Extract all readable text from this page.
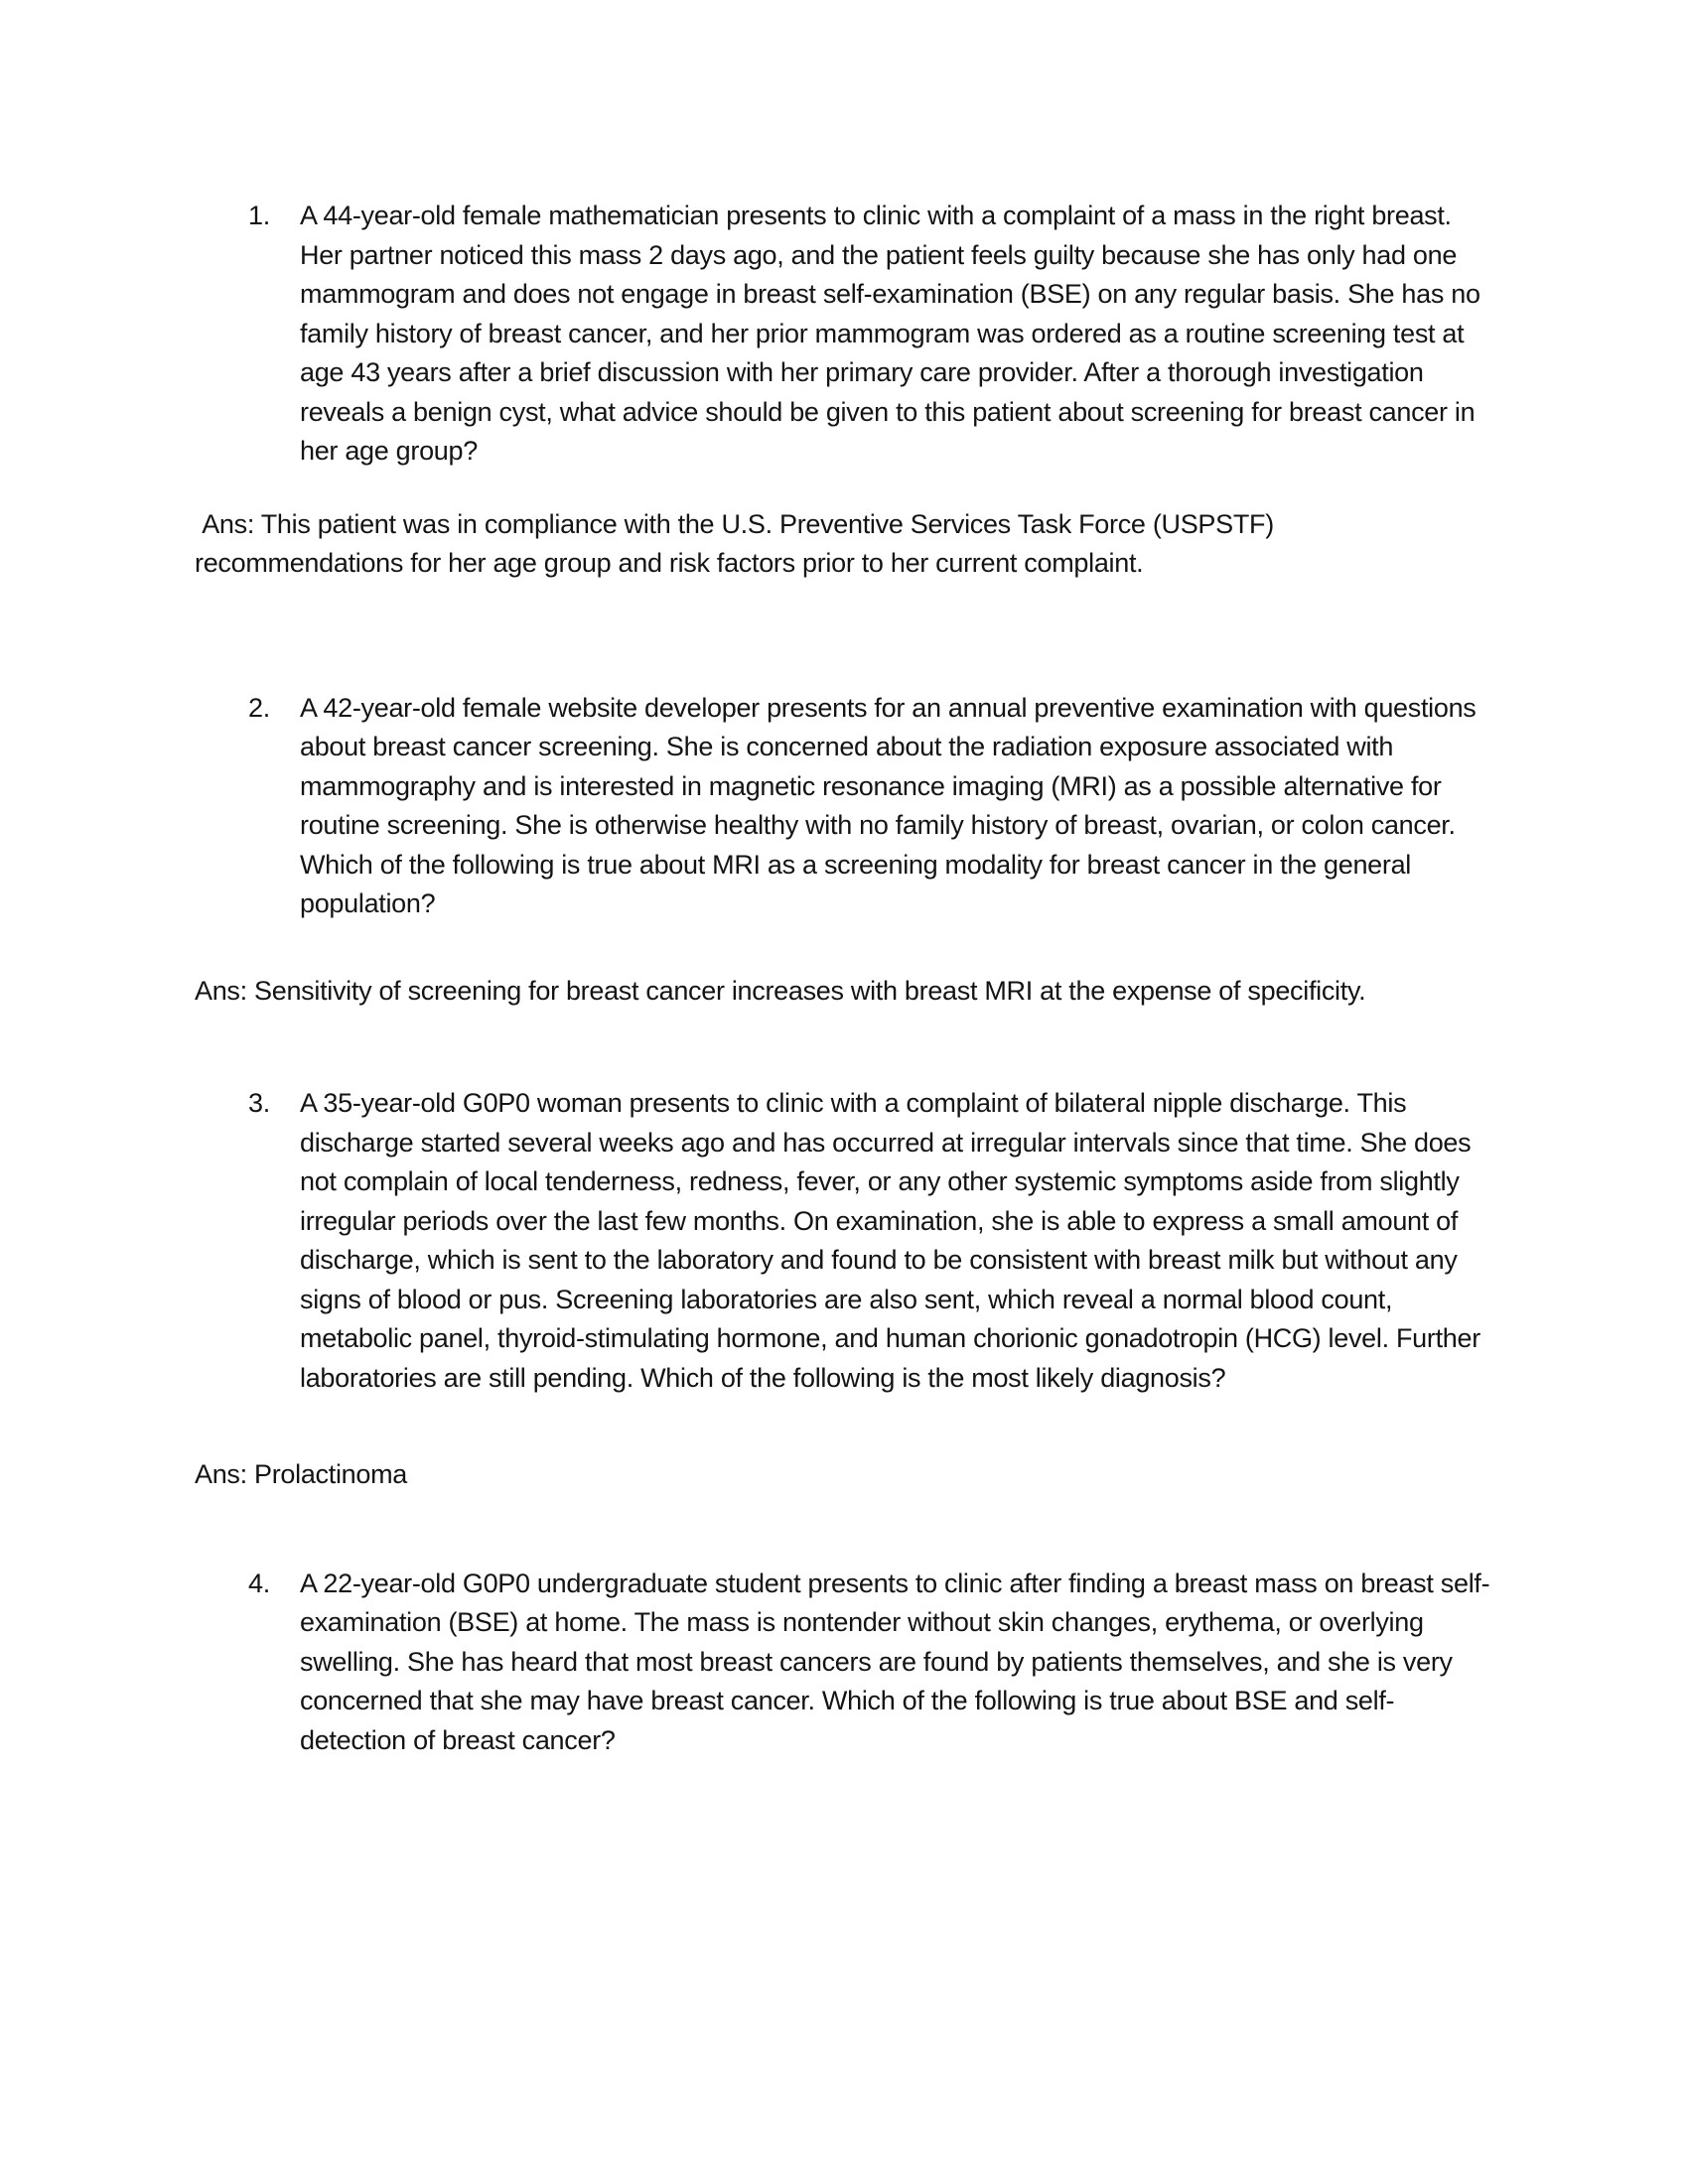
1.	A 44-year-old female mathematician presents to clinic with a complaint of a mass in the right breast. Her partner noticed this mass 2 days ago, and the patient feels guilty because she has only had one mammogram and does not engage in breast self-examination (BSE) on any regular basis. She has no family history of breast cancer, and her prior mammogram was ordered as a routine screening test at age 43 years after a brief discussion with her primary care provider. After a thorough investigation reveals a benign cyst, what advice should be given to this patient about screening for breast cancer in her age group?

Ans: This patient was in compliance with the U.S. Preventive Services Task Force (USPSTF) recommendations for her age group and risk factors prior to her current complaint.

2.	A 42-year-old female website developer presents for an annual preventive examination with questions about breast cancer screening. She is concerned about the radiation exposure associated with mammography and is interested in magnetic resonance imaging (MRI) as a possible alternative for routine screening. She is otherwise healthy with no family history of breast, ovarian, or colon cancer. Which of the following is true about MRI as a screening modality for breast cancer in the general population?

Ans: Sensitivity of screening for breast cancer increases with breast MRI at the expense of specificity.

3.	A 35-year-old G0P0 woman presents to clinic with a complaint of bilateral nipple discharge. This discharge started several weeks ago and has occurred at irregular intervals since that time. She does not complain of local tenderness, redness, fever, or any other systemic symptoms aside from slightly irregular periods over the last few months. On examination, she is able to express a small amount of discharge, which is sent to the laboratory and found to be consistent with breast milk but without any signs of blood or pus. Screening laboratories are also sent, which reveal a normal blood count, metabolic panel, thyroid-stimulating hormone, and human chorionic gonadotropin (HCG) level. Further laboratories are still pending. Which of the following is the most likely diagnosis?

Ans: Prolactinoma

4.	A 22-year-old G0P0 undergraduate student presents to clinic after finding a breast mass on breast self-examination (BSE) at home. The mass is nontender without skin changes, erythema, or overlying swelling. She has heard that most breast cancers are found by patients themselves, and she is very concerned that she may have breast cancer. Which of the following is true about BSE and self-detection of breast cancer?
